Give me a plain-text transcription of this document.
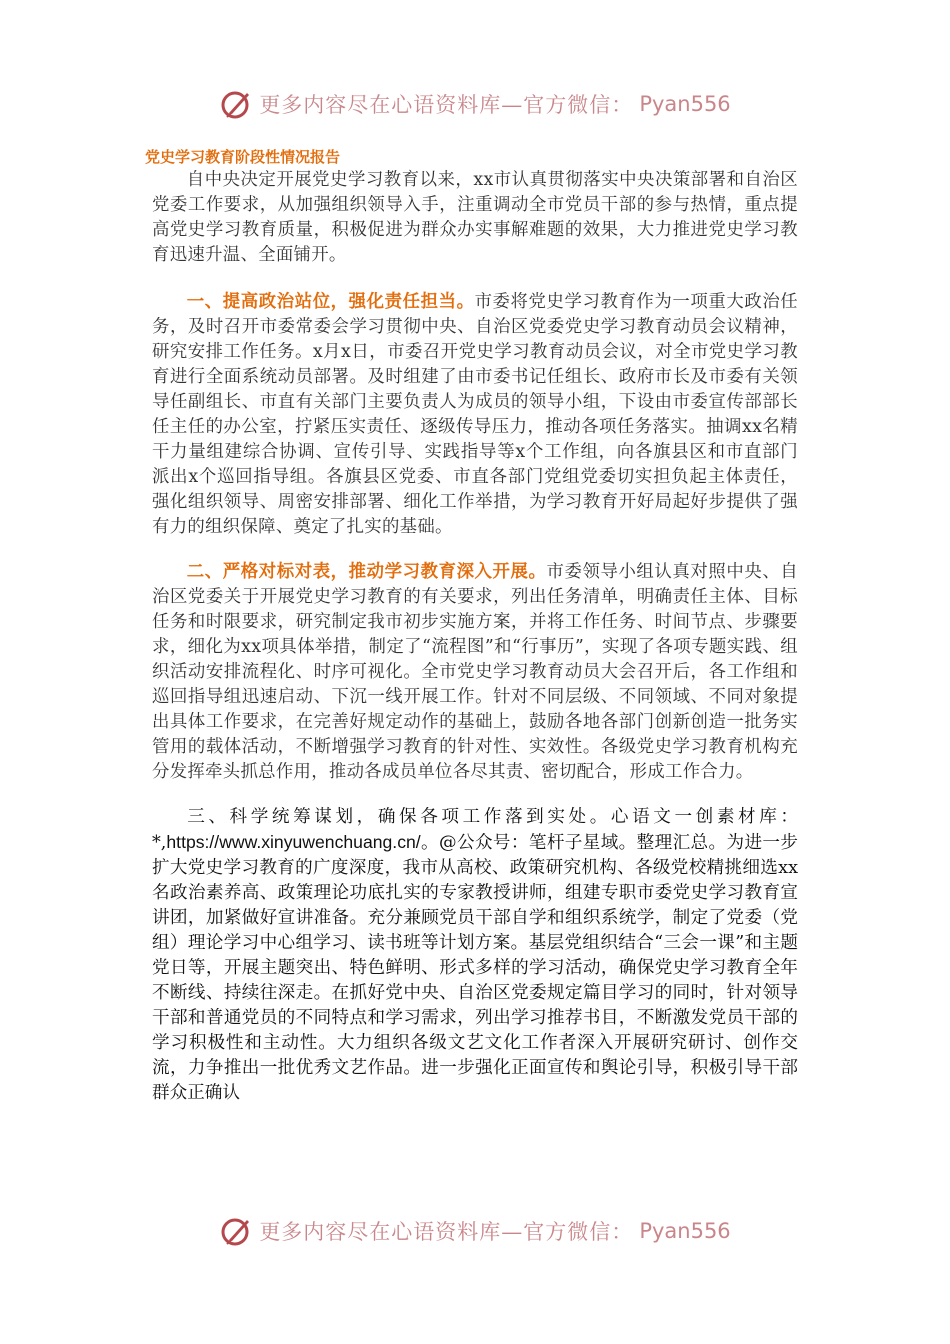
更多内容尽在心语资料库—官方微信： Pyan556
党史学习教育阶段性情况报告

自中央决定开展党史学习教育以来，xx市认真贯彻落实中央决策部署和自治区党委工作要求，从加强组织领导入手，注重调动全市党员干部的参与热情，重点提高党史学习教育质量，积极促进为群众办实事解难题的效果，大力推进党史学习教育迅速升温、全面铺开。

一、提高政治站位，强化责任担当。市委将党史学习教育作为一项重大政治任务，及时召开市委常委会学习贯彻中央、自治区党委党史学习教育动员会议精神，研究安排工作任务。x月x日，市委召开党史学习教育动员会议，对全市党史学习教育进行全面系统动员部署。及时组建了由市委书记任组长、政府市长及市委有关领导任副组长、市直有关部门主要负责人为成员的领导小组，下设由市委宣传部部长任主任的办公室，拧紧压实责任、逐级传导压力，推动各项任务落实。抽调xx名精干力量组建综合协调、宣传引导、实践指导等x个工作组，向各旗县区和市直部门派出x个巡回指导组。各旗县区党委、市直各部门党组党委切实担负起主体责任，强化组织领导、周密安排部署、细化工作举措，为学习教育开好局起好步提供了强有力的组织保障、奠定了扎实的基础。

二、严格对标对表，推动学习教育深入开展。市委领导小组认真对照中央、自治区党委关于开展党史学习教育的有关要求，列出任务清单，明确责任主体、目标任务和时限要求，研究制定我市初步实施方案，并将工作任务、时间节点、步骤要求，细化为xx项具体举措，制定了“流程图”和“行事历”，实现了各项专题实践、组织活动安排流程化、时序可视化。全市党史学习教育动员大会召开后，各工作组和巡回指导组迅速启动、下沉一线开展工作。针对不同层级、不同领域、不同对象提出具体工作要求，在完善好规定动作的基础上，鼓励各地各部门创新创造一批务实管用的载体活动，不断增强学习教育的针对性、实效性。各级党史学习教育机构充分发挥牵头抓总作用，推动各成员单位各尽其责、密切配合，形成工作合力。

三、科学统筹谋划，确保各项工作落到实处。心语文一创素材库：*,https://www.xinyuwenchuang.cn/。@公众号：笔杆子星域。整理汇总。为进一步扩大党史学习教育的广度深度，我市从高校、政策研究机构、各级党校精挑细选xx名政治素养高、政策理论功底扎实的专家教授讲师，组建专职市委党史学习教育宣讲团，加紧做好宣讲准备。充分兼顾党员干部自学和组织系统学，制定了党委（党组）理论学习中心组学习、读书班等计划方案。基层党组织结合“三会一课”和主题党日等，开展主题突出、特色鲜明、形式多样的学习活动，确保党史学习教育全年不断线、持续往深走。在抓好党中央、自治区党委规定篇目学习的同时，针对领导干部和普通党员的不同特点和学习需求，列出学习推荐书目，不断激发党员干部的学习积极性和主动性。大力组织各级文艺文化工作者深入开展研究研讨、创作交流，力争推出一批优秀文艺作品。进一步强化正面宣传和舆论引导，积极引导干部群众正确认

更多内容尽在心语资料库—官方微信： Pyan556
